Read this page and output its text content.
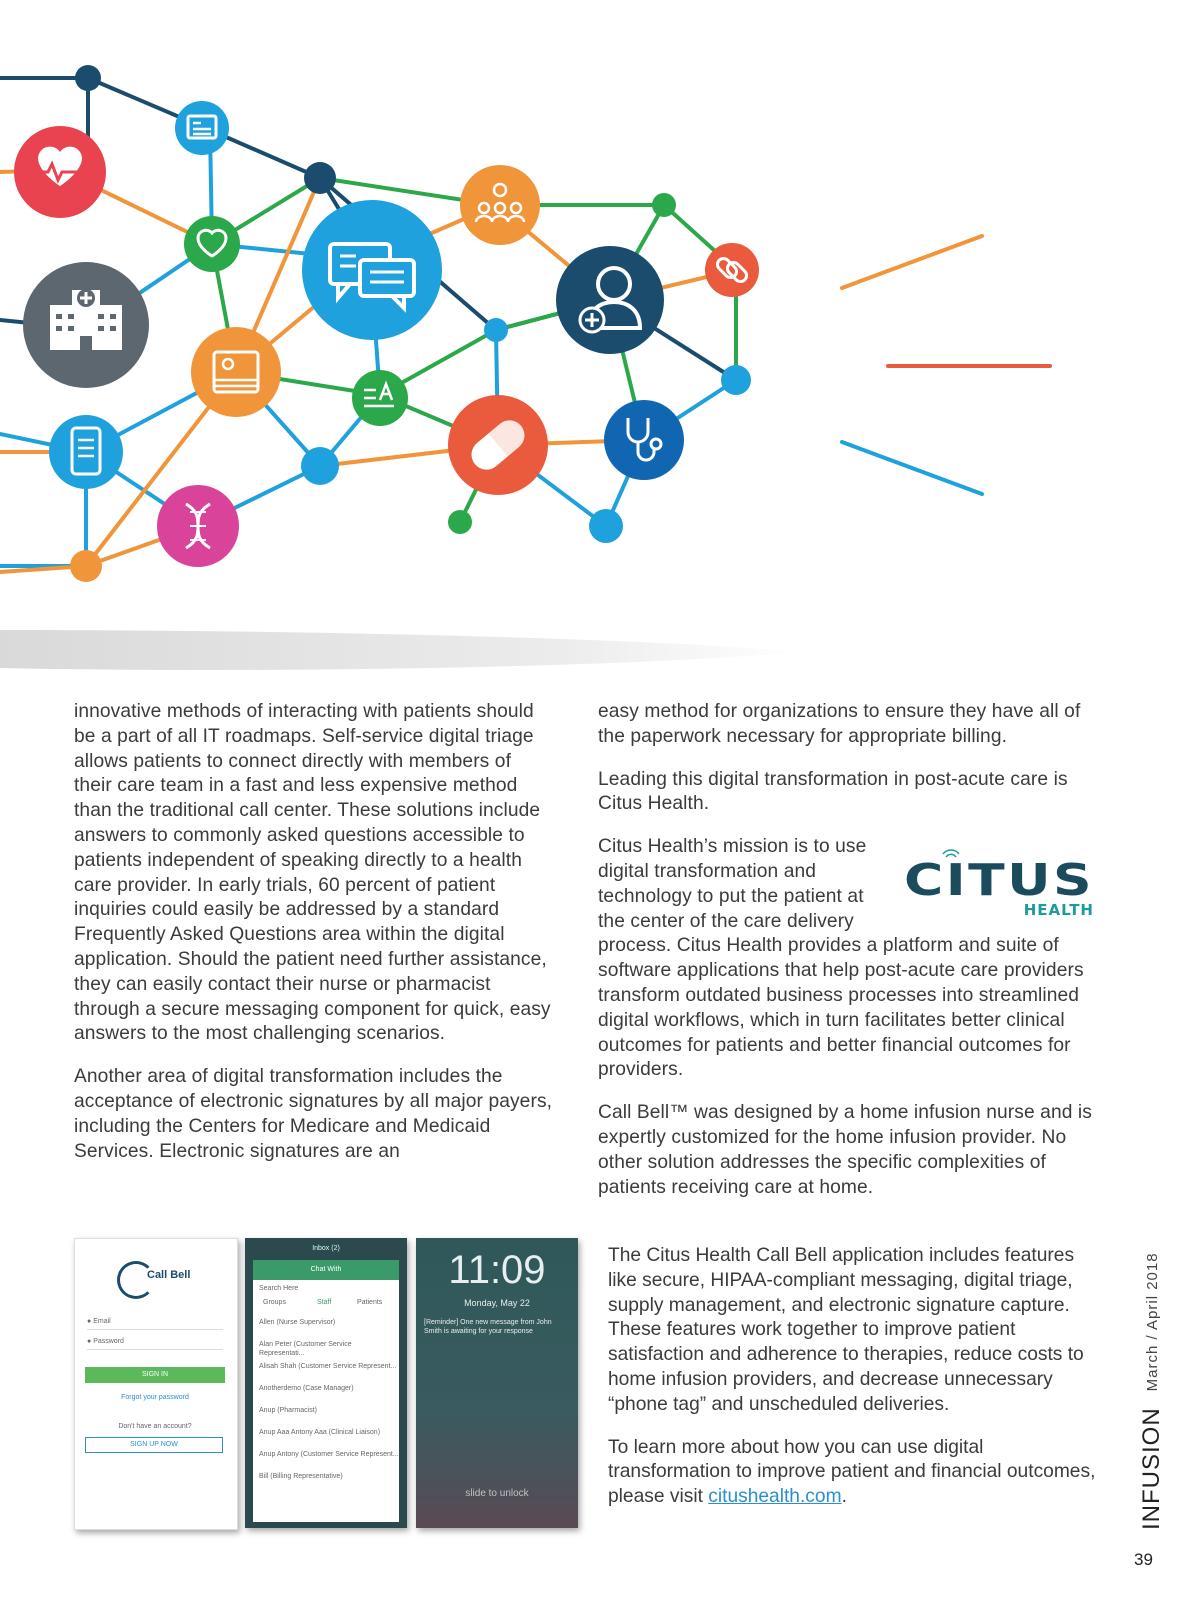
innovative methods of interacting with patients should be a part of all IT roadmaps. Self-service digital triage allows patients to connect directly with members of their care team in a fast and less expensive method than the traditional call center. These solutions include answers to commonly asked questions accessible to patients independent of speaking directly to a health care provider. In early trials, 60 percent of patient inquiries could easily be addressed by a standard Frequently Asked Questions area within the digital application. Should the patient need further assistance, they can easily contact their nurse or pharmacist through a secure messaging component for quick, easy answers to the most challenging scenarios.

Another area of digital transformation includes the acceptance of electronic signatures by all major payers, including the Centers for Medicare and Medicaid Services. Electronic signatures are an

easy method for organizations to ensure they have all of the paperwork necessary for appropriate billing.

Leading this digital transformation in post-acute care is Citus Health.

CITUS
HEALTH
Citus Health’s mission is to use digital transformation and technology to put the patient at the center of the care delivery process. Citus Health provides a platform and suite of software applications that help post-acute care providers transform outdated business processes into streamlined digital workflows, which in turn facilitates better clinical outcomes for patients and better financial outcomes for providers.

Call Bell™ was designed by a home infusion nurse and is expertly customized for the home infusion provider. No other solution addresses the specific complexities of patients receiving care at home.

The Citus Health Call Bell application includes features like secure, HIPAA-compliant messaging, digital triage, supply management, and electronic signature capture. These features work together to improve patient satisfaction and adherence to therapies, reduce costs to home infusion providers, and decrease unnecessary “phone tag” and unscheduled deliveries.

To learn more about how you can use digital transformation to improve patient and financial outcomes, please visit citushealth.com.

Call Bell
● Email
● Password
SIGN IN
Forgot your password
Don't have an account?
SIGN UP NOW
Inbox (2)
Chat With
Search Here
Groups	Staff	Patients
Allen (Nurse Supervisor)
Alan Peter (Customer Service Representati...
Alisah Shah (Customer Service Represent...
Anotherdemo (Case Manager)
Anup (Pharmacist)
Anup Aaa Antony Aaa (Clinical Liaison)
Anup Antony (Customer Service Represent...
Bill (Billing Representative)
11:09
Monday, May 22
[Reminder] One new message from John Smith is awaiting for your response
slide to unlock	INFUSION
March / April 2018
39
